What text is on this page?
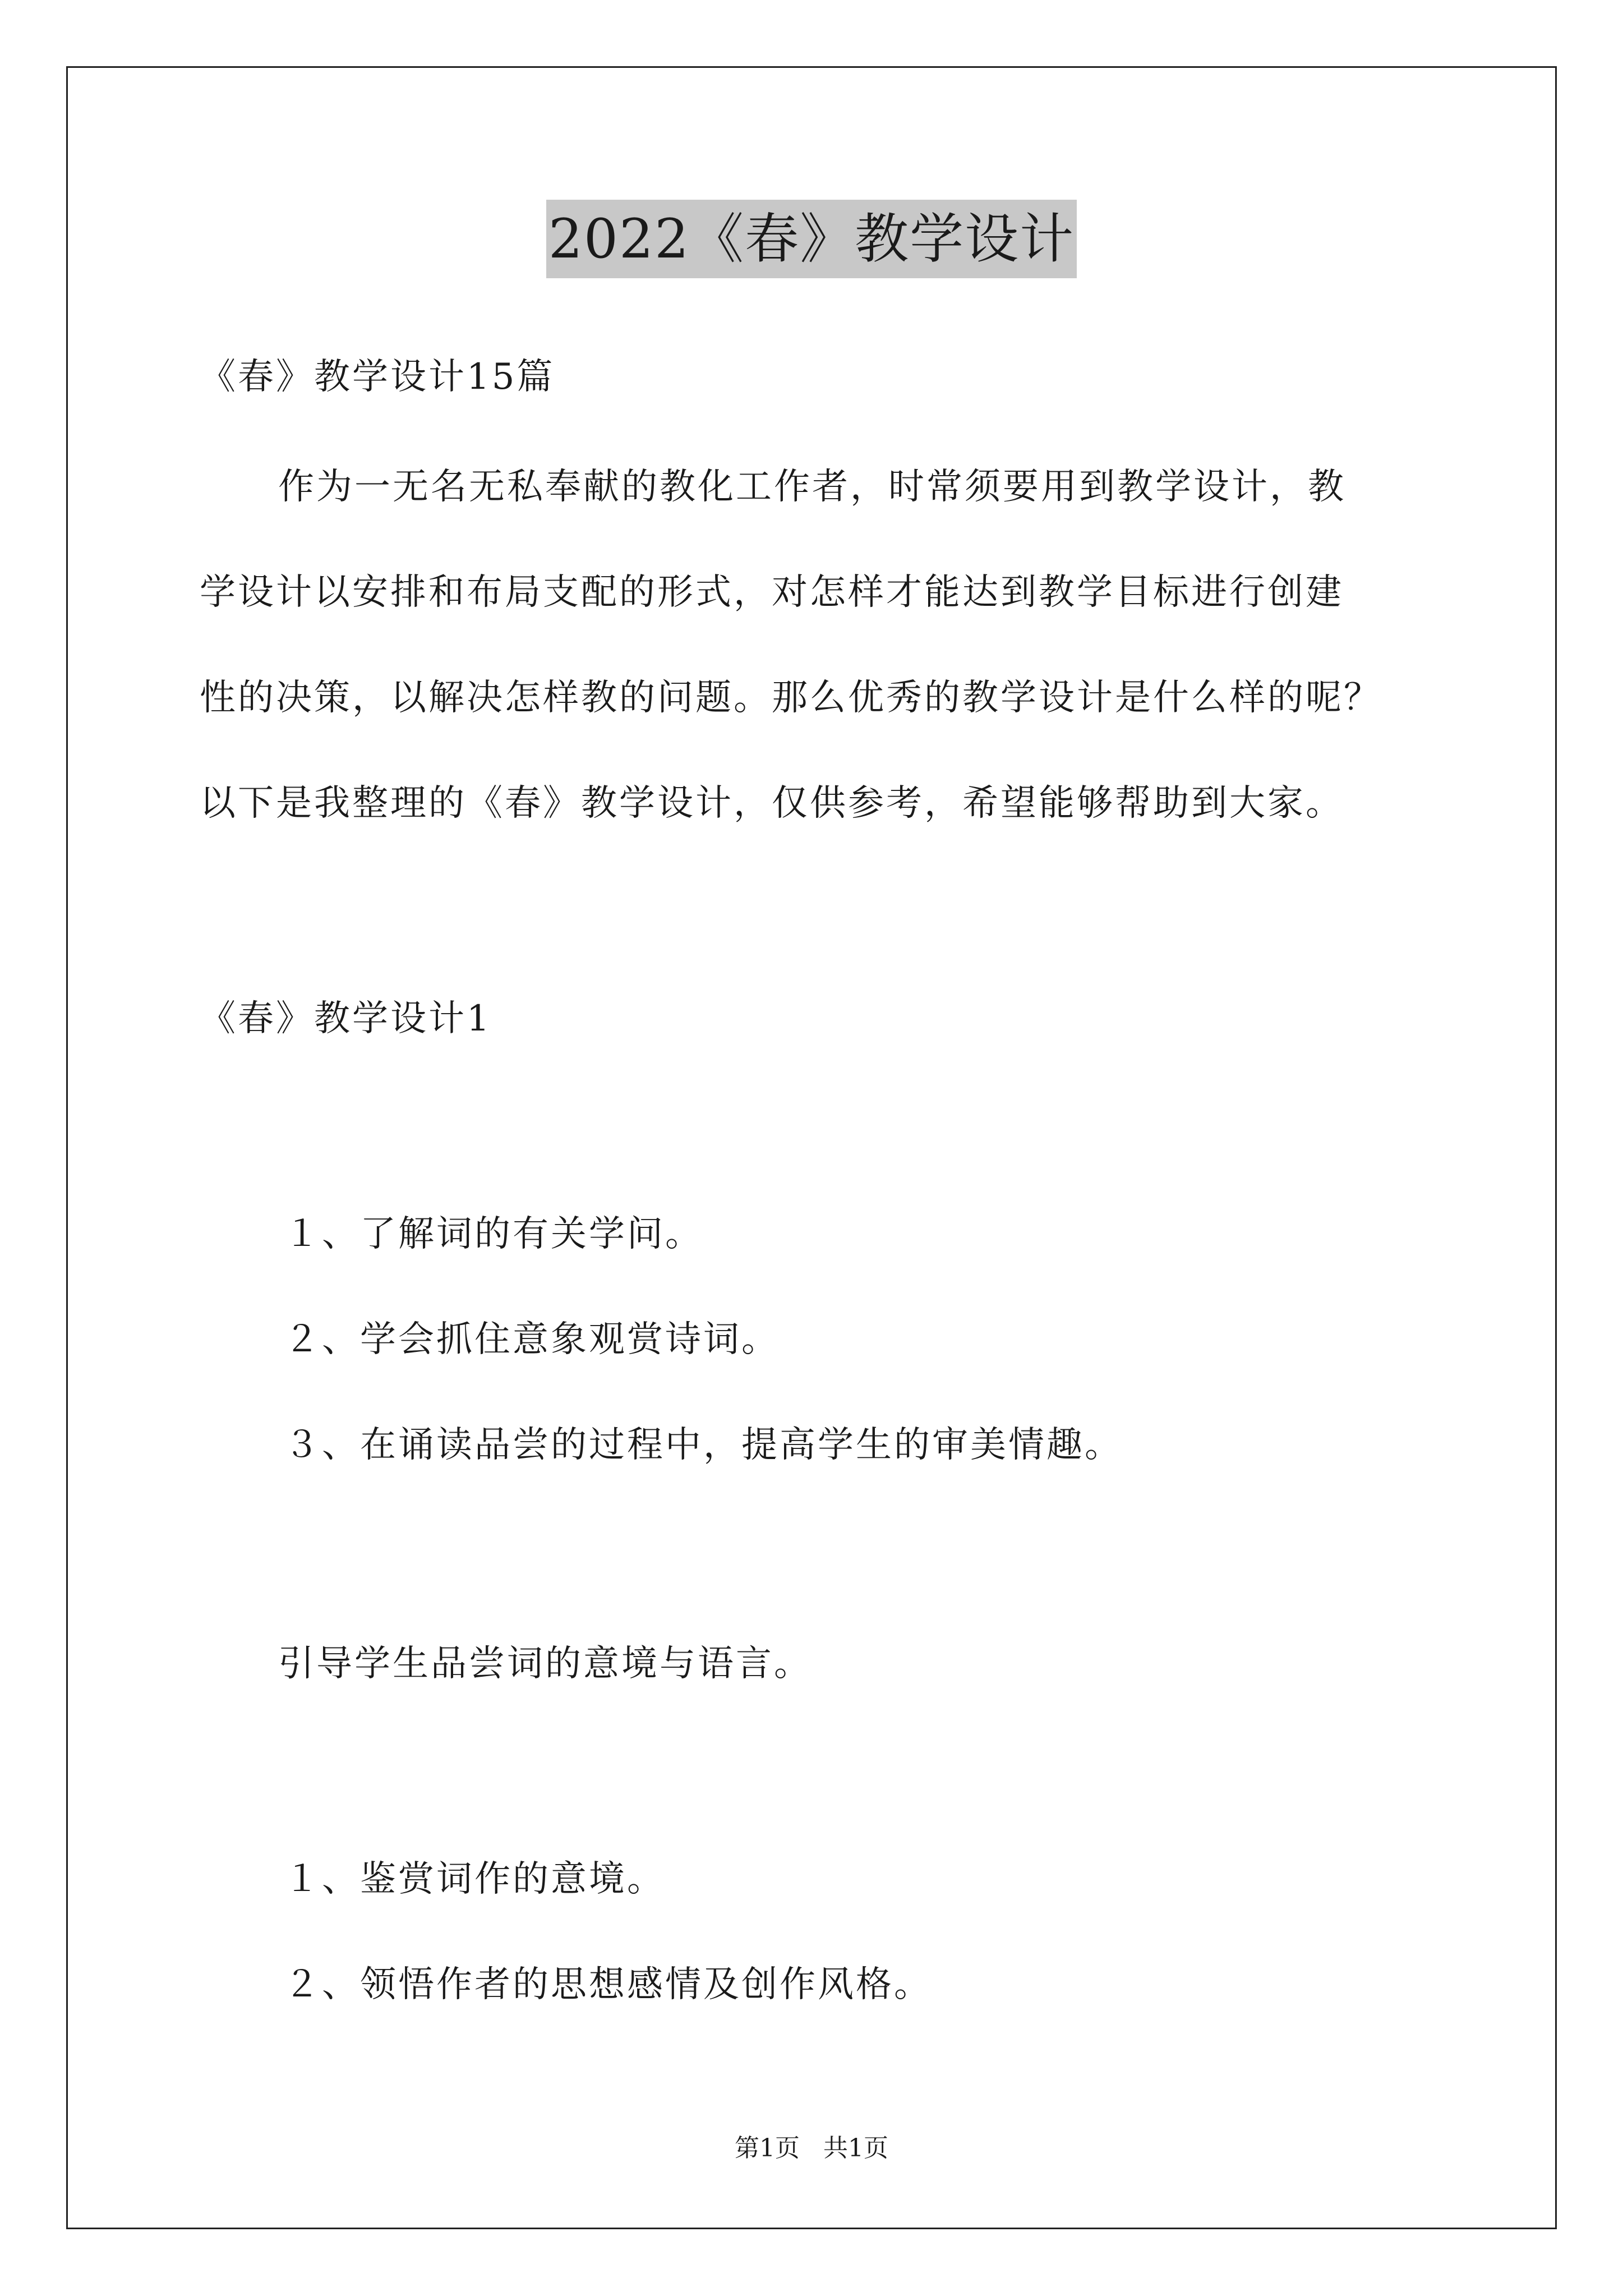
2022《春》教学设计
《春》教学设计15篇
作为一无名无私奉献的教化工作者，时常须要用到教学设计，教
学设计以安排和布局支配的形式，对怎样才能达到教学目标进行创建
性的决策，以解决怎样教的问题。那么优秀的教学设计是什么样的呢？
以下是我整理的《春》教学设计，仅供参考，希望能够帮助到大家。
《春》教学设计1
１、了解词的有关学问。
２、学会抓住意象观赏诗词。
３、在诵读品尝的过程中，提高学生的审美情趣。
引导学生品尝词的意境与语言。
１、鉴赏词作的意境。
２、领悟作者的思想感情及创作风格。
第1页   共1页
